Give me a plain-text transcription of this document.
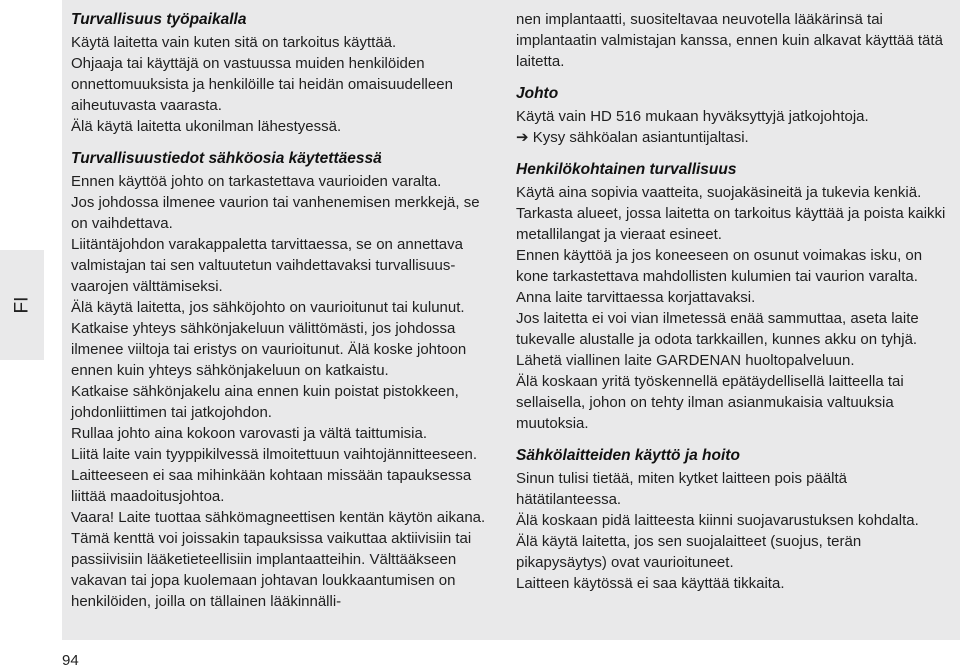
FI

Turvallisuus työpaikalla

Käytä laitetta vain kuten sitä on tarkoitus käyttää.

Ohjaaja tai käyttäjä on vastuussa muiden henkilöiden onnettomuuksista ja henkilöille tai heidän omaisuudelleen aiheutuvasta vaarasta.

Älä käytä laitetta ukonilman lähestyessä.

Turvallisuustiedot sähköosia käytettäessä

Ennen käyttöä johto on tarkastettava vaurioiden varalta.

Jos johdossa ilmenee vaurion tai vanhenemisen merkkejä, se on vaihdettava.

Liitäntäjohdon varakappaletta tarvittaessa, se on annettava valmistajan tai sen valtuutetun vaihdettavaksi turvallisuus-vaarojen välttämiseksi.

Älä käytä laitetta, jos sähköjohto on vaurioitunut tai kulunut.

Katkaise yhteys sähkönjakeluun välittömästi, jos johdossa ilmenee viiltoja tai eristys on vaurioitunut. Älä koske johtoon ennen kuin yhteys sähkönjakeluun on katkaistu.

Katkaise sähkönjakelu aina ennen kuin poistat pistokkeen, johdonliittimen tai jatkojohdon.

Rullaa johto aina kokoon varovasti ja vältä taittumisia.

Liitä laite vain tyyppikilvessä ilmoitettuun vaihtojännitteeseen.

Laitteeseen ei saa mihinkään kohtaan missään tapauksessa liittää maadoitusjohtoa.

Vaara! Laite tuottaa sähkömagneettisen kentän käytön aikana. Tämä kenttä voi joissakin tapauksissa vaikuttaa aktiivisiin tai passiivisiin lääketieteellisiin implantaatteihin. Välttääkseen vakavan tai jopa kuolemaan johtavan loukkaantumisen on henkilöiden, joilla on tällainen lääkinnälli-

nen implantaatti, suositeltavaa neuvotella lääkärinsä tai implantaatin valmistajan kanssa, ennen kuin alkavat käyttää tätä laitetta.

Johto

Käytä vain HD 516 mukaan hyväksyttyjä jatkojohtoja.

➔ Kysy sähköalan asiantuntijaltasi.

Henkilökohtainen turvallisuus

Käytä aina sopivia vaatteita, suojakäsineitä ja tukevia kenkiä.

Tarkasta alueet, jossa laitetta on tarkoitus käyttää ja poista kaikki metallilangat ja vieraat esineet.

Ennen käyttöä ja jos koneeseen on osunut voimakas isku, on kone tarkastettava mahdollisten kulumien tai vaurion varalta. Anna laite tarvittaessa korjattavaksi.

Jos laitetta ei voi vian ilmetessä enää sammuttaa, aseta laite tukevalle alustalle ja odota tarkkaillen, kunnes akku on tyhjä. Lähetä viallinen laite GARDENAN huoltopalveluun.

Älä koskaan yritä työskennellä epätäydellisellä laitteella tai sellaisella, johon on tehty ilman asianmukaisia valtuuksia muutoksia.

Sähkölaitteiden käyttö ja hoito

Sinun tulisi tietää, miten kytket laitteen pois päältä hätätilanteessa.

Älä koskaan pidä laitteesta kiinni suojavarustuksen kohdalta.

Älä käytä laitetta, jos sen suojalaitteet (suojus, terän pikapysäytys) ovat vaurioituneet.

Laitteen käytössä ei saa käyttää tikkaita.

94
